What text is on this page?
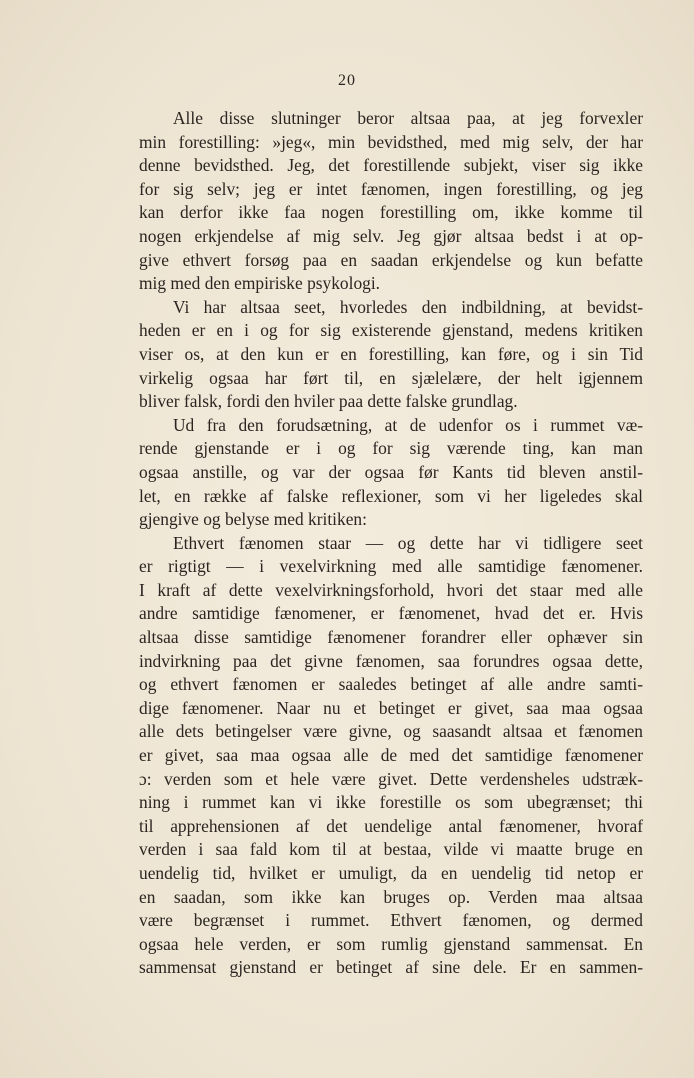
20
Alle disse slutninger beror altsaa paa, at jeg forvexler
min forestilling: »jeg«, min bevidsthed, med mig selv, der har
denne bevidsthed. Jeg, det forestillende subjekt, viser sig ikke
for sig selv; jeg er intet fænomen, ingen forestilling, og jeg
kan derfor ikke faa nogen forestilling om, ikke komme til
nogen erkjendelse af mig selv. Jeg gjør altsaa bedst i at op-
give ethvert forsøg paa en saadan erkjendelse og kun befatte
mig med den empiriske psykologi.
Vi har altsaa seet, hvorledes den indbildning, at bevidst-
heden er en i og for sig existerende gjenstand, medens kritiken
viser os, at den kun er en forestilling, kan føre, og i sin Tid
virkelig ogsaa har ført til, en sjælelære, der helt igjennem
bliver falsk, fordi den hviler paa dette falske grundlag.
Ud fra den forudsætning, at de udenfor os i rummet væ-
rende gjenstande er i og for sig værende ting, kan man
ogsaa anstille, og var der ogsaa før Kants tid bleven anstil-
let, en række af falske reflexioner, som vi her ligeledes skal
gjengive og belyse med kritiken:
Ethvert fænomen staar — og dette har vi tidligere seet
er rigtigt — i vexelvirkning med alle samtidige fænomener.
I kraft af dette vexelvirkningsforhold, hvori det staar med alle
andre samtidige fænomener, er fænomenet, hvad det er. Hvis
altsaa disse samtidige fænomener forandrer eller ophæver sin
indvirkning paa det givne fænomen, saa forundres ogsaa dette,
og ethvert fænomen er saaledes betinget af alle andre samti-
dige fænomener. Naar nu et betinget er givet, saa maa ogsaa
alle dets betingelser være givne, og saasandt altsaa et fænomen
er givet, saa maa ogsaa alle de med det samtidige fænomener
ɔ: verden som et hele være givet. Dette verdensheles udstræk-
ning i rummet kan vi ikke forestille os som ubegrænset; thi
til apprehensionen af det uendelige antal fænomener, hvoraf
verden i saa fald kom til at bestaa, vilde vi maatte bruge en
uendelig tid, hvilket er umuligt, da en uendelig tid netop er
en saadan, som ikke kan bruges op. Verden maa altsaa
være begrænset i rummet. Ethvert fænomen, og dermed
ogsaa hele verden, er som rumlig gjenstand sammensat. En
sammensat gjenstand er betinget af sine dele. Er en sammen-
